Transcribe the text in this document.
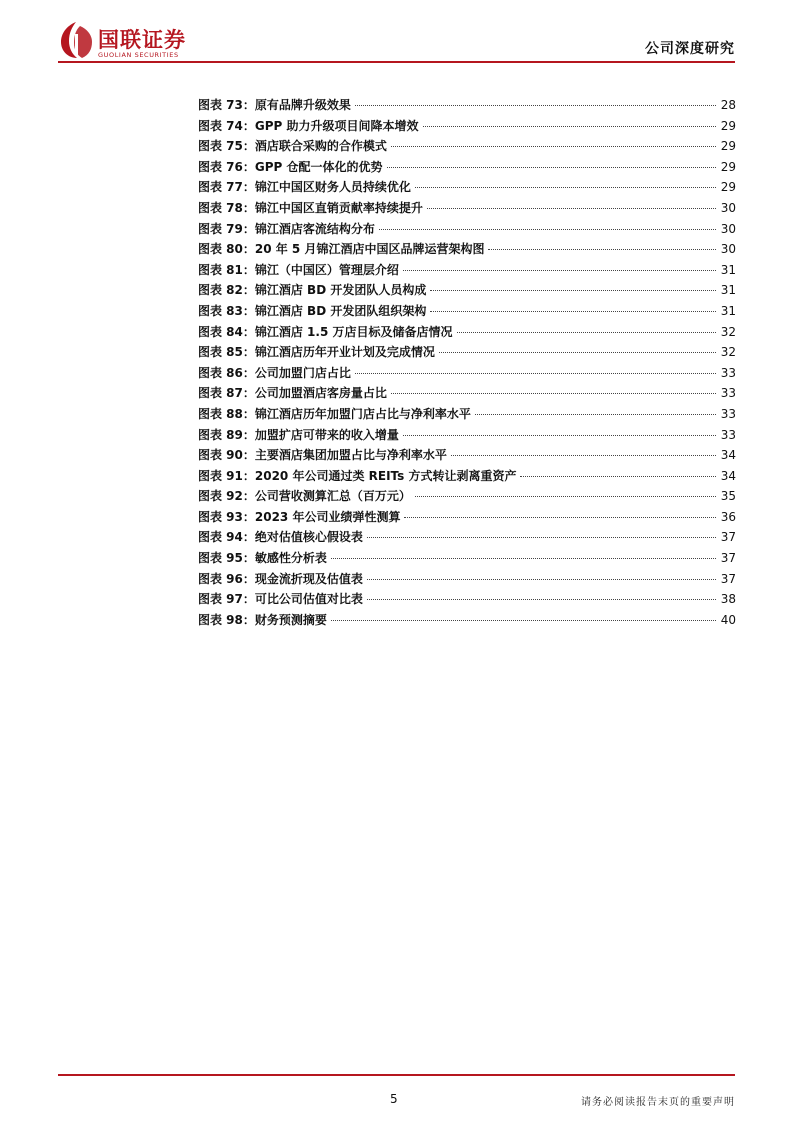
国联证券
GUOLIAN SECURITIES	公司深度研究
图表 73：原有品牌升级效果	28
图表 74：GPP 助力升级项目间降本增效	29
图表 75：酒店联合采购的合作模式	29
图表 76：GPP 仓配一体化的优势	29
图表 77：锦江中国区财务人员持续优化	29
图表 78：锦江中国区直销贡献率持续提升	30
图表 79：锦江酒店客流结构分布	30
图表 80：20 年 5 月锦江酒店中国区品牌运营架构图	30
图表 81：锦江（中国区）管理层介绍	31
图表 82：锦江酒店 BD 开发团队人员构成	31
图表 83：锦江酒店 BD 开发团队组织架构	31
图表 84：锦江酒店 1.5 万店目标及储备店情况	32
图表 85：锦江酒店历年开业计划及完成情况	32
图表 86：公司加盟门店占比	33
图表 87：公司加盟酒店客房量占比	33
图表 88：锦江酒店历年加盟门店占比与净利率水平	33
图表 89：加盟扩店可带来的收入增量	33
图表 90：主要酒店集团加盟占比与净利率水平	34
图表 91：2020 年公司通过类 REITs 方式转让剥离重资产	34
图表 92：公司营收测算汇总（百万元）	35
图表 93：2023 年公司业绩弹性测算	36
图表 94：绝对估值核心假设表	37
图表 95：敏感性分析表	37
图表 96：现金流折现及估值表	37
图表 97：可比公司估值对比表	38
图表 98：财务预测摘要	40
5	请务必阅读报告末页的重要声明
